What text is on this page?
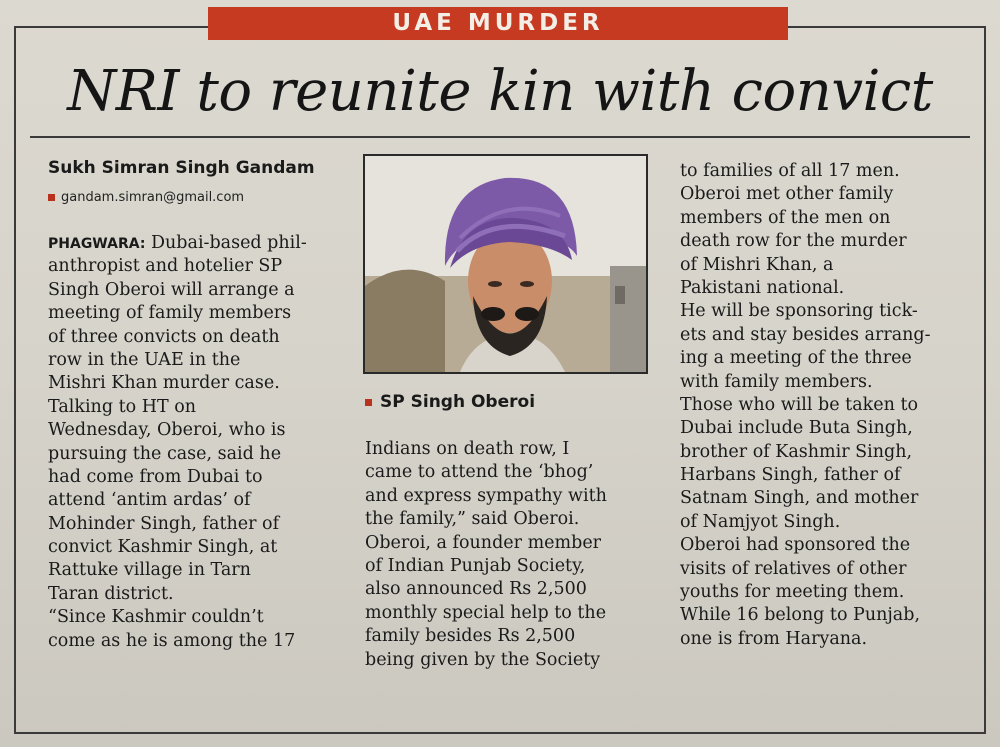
UAE MURDER
NRI to reunite kin with convict
Sukh Simran Singh Gandam
gandam.simran@gmail.com
PHAGWARA: Dubai-based phil-
anthropist and hotelier SP
Singh Oberoi will arrange a
meeting of family members
of three convicts on death
row in the UAE in the
Mishri Khan murder case.
Talking to HT on
Wednesday, Oberoi, who is
pursuing the case, said he
had come from Dubai to
attend ‘antim ardas’ of
Mohinder Singh, father of
convict Kashmir Singh, at
Rattuke village in Tarn
Taran district.
“Since Kashmir couldn’t
come as he is among the 17
SP Singh Oberoi
Indians on death row, I
came to attend the ‘bhog’
and express sympathy with
the family,” said Oberoi.
Oberoi, a founder member
of Indian Punjab Society,
also announced Rs 2,500
monthly special help to the
family besides Rs 2,500
being given by the Society
to families of all 17 men.
Oberoi met other family
members of the men on
death row for the murder
of Mishri Khan, a
Pakistani national.
He will be sponsoring tick-
ets and stay besides arrang-
ing a meeting of the three
with family members.
Those who will be taken to
Dubai include Buta Singh,
brother of Kashmir Singh,
Harbans Singh, father of
Satnam Singh, and mother
of Namjyot Singh.
Oberoi had sponsored the
visits of relatives of other
youths for meeting them.
While 16 belong to Punjab,
one is from Haryana.
